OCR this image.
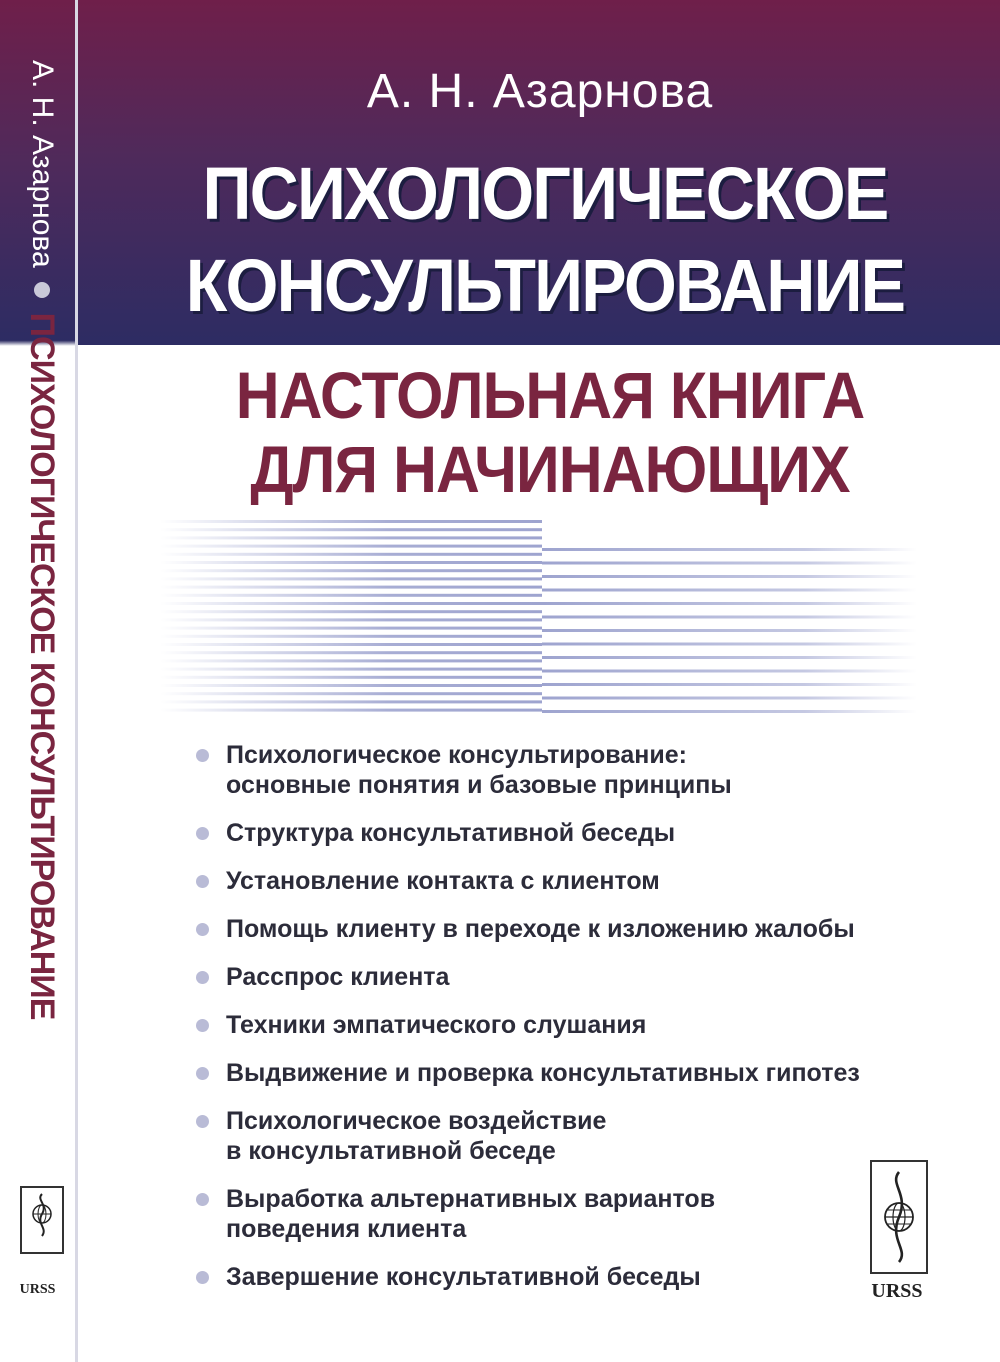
А. Н. Азарнова  ПСИХОЛОГИЧЕСКОЕ КОНСУЛЬТИРОВАНИЕ
URSS
А. Н. Азарнова
ПСИХОЛОГИЧЕСКОЕ
КОНСУЛЬТИРОВАНИЕ
НАСТОЛЬНАЯ КНИГА
ДЛЯ НАЧИНАЮЩИХ
Психологическое консультирование:
основные понятия и базовые принципы
Структура консультативной беседы
Установление контакта с клиентом
Помощь клиенту в переходе к изложению жалобы
Расспрос клиента
Техники эмпатического слушания
Выдвижение и проверка консультативных гипотез
Психологическое воздействие
в консультативной беседе
Выработка альтернативных вариантов
поведения клиента
Завершение консультативной беседы	URSS
